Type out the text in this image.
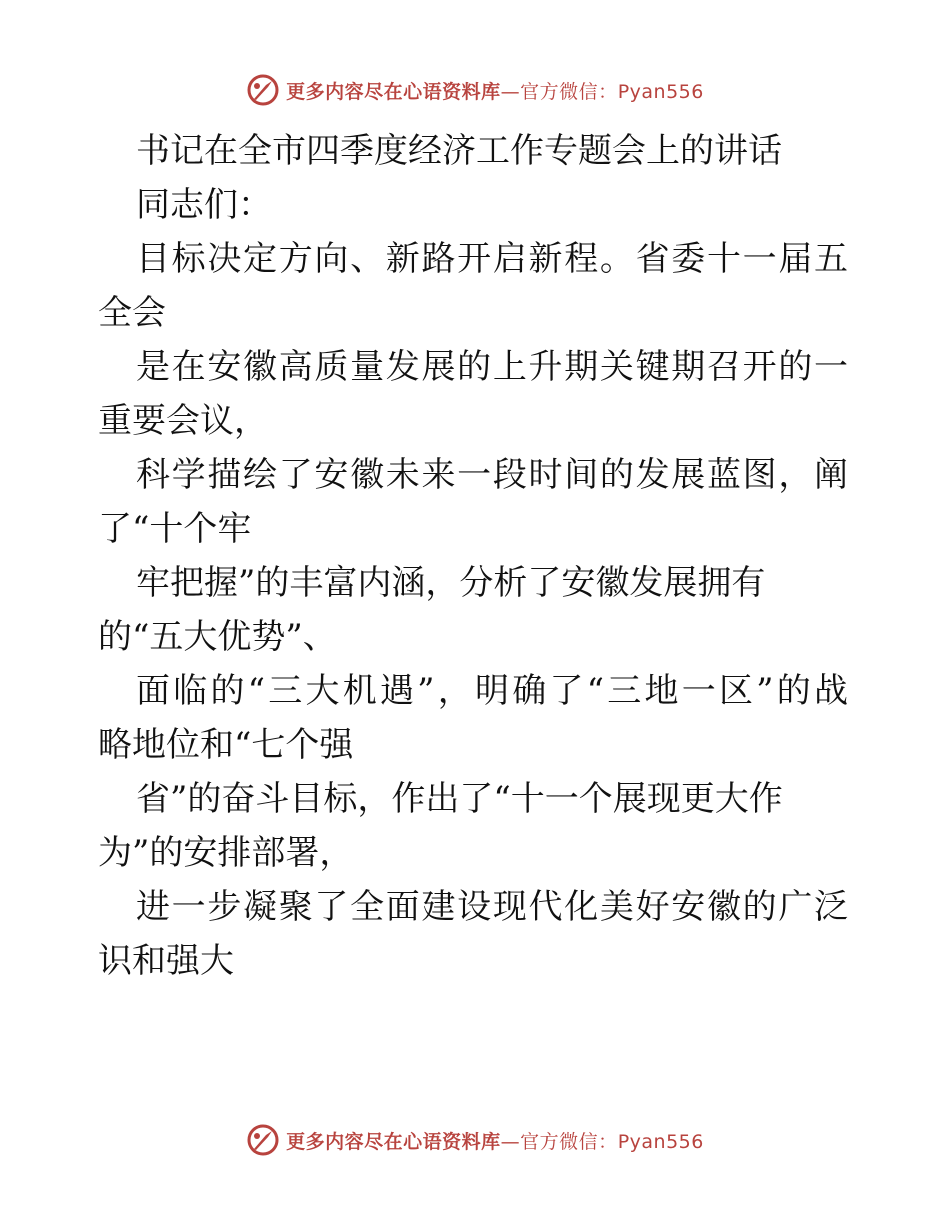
更多内容尽在心语资料库—官方微信：Pyan556
书记在全市四季度经济工作专题会上的讲话
同志们：
目标决定方向、新路开启新程。省委十一届五
全会
是在安徽高质量发展的上升期关键期召开的一
重要会议，
科学描绘了安徽未来一段时间的发展蓝图，阐
了“十个牢
牢把握”的丰富内涵，分析了安徽发展拥有
的“五大优势”、
面临的“三大机遇”，明确了“三地一区”的战
略地位和“七个强
省”的奋斗目标，作出了“十一个展现更大作
为”的安排部署，
进一步凝聚了全面建设现代化美好安徽的广泛
识和强大
更多内容尽在心语资料库—官方微信：Pyan556
